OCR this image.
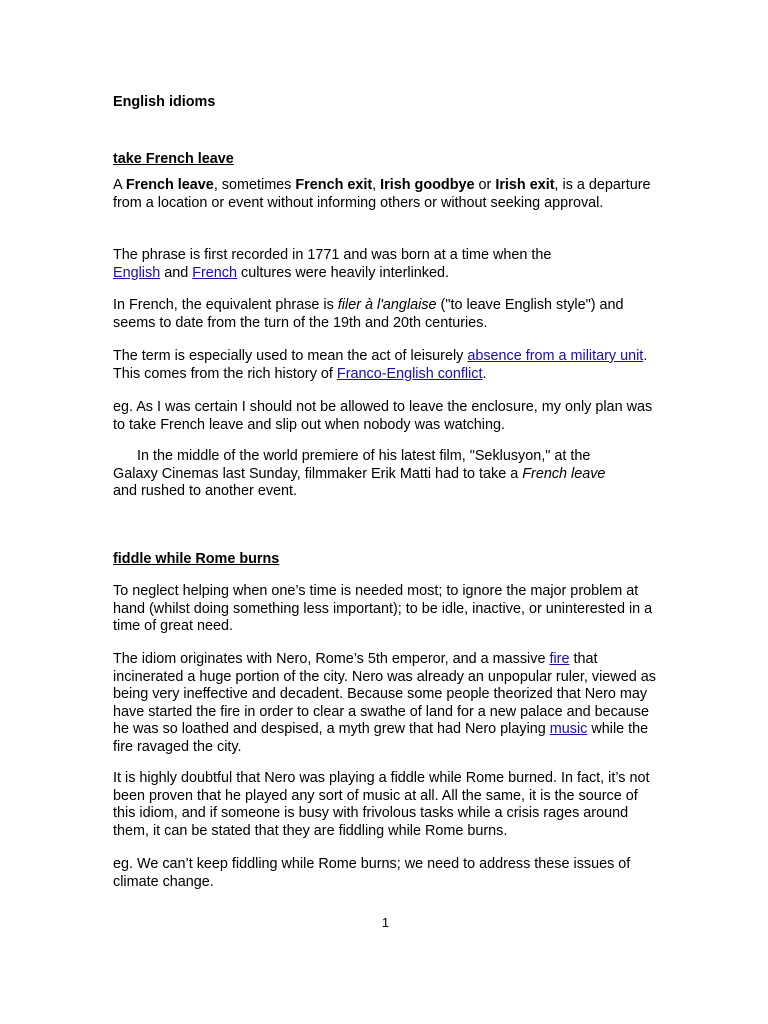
English idioms
take French leave

A French leave, sometimes French exit, Irish goodbye or Irish exit, is a departure from a location or event without informing others or without seeking approval.

The phrase is first recorded in 1771 and was born at a time when the English and French cultures were heavily interlinked.

In French, the equivalent phrase is filer à l'anglaise ("to leave English style") and seems to date from the turn of the 19th and 20th centuries.

The term is especially used to mean the act of leisurely absence from a military unit. This comes from the rich history of Franco-English conflict.

eg. As I was certain I should not be allowed to leave the enclosure, my only plan was to take French leave and slip out when nobody was watching.

In the middle of the world premiere of his latest film, "Seklusyon," at the Galaxy Cinemas last Sunday, filmmaker Erik Matti had to take a French leave and rushed to another event.

fiddle while Rome burns

To neglect helping when one’s time is needed most; to ignore the major problem at hand (whilst doing something less important); to be idle, inactive, or uninterested in a time of great need.

The idiom originates with Nero, Rome’s 5th emperor, and a massive fire that incinerated a huge portion of the city. Nero was already an unpopular ruler, viewed as being very ineffective and decadent. Because some people theorized that Nero may have started the fire in order to clear a swathe of land for a new palace and because he was so loathed and despised, a myth grew that had Nero playing music while the fire ravaged the city.

It is highly doubtful that Nero was playing a fiddle while Rome burned. In fact, it’s not been proven that he played any sort of music at all. All the same, it is the source of this idiom, and if someone is busy with frivolous tasks while a crisis rages around them, it can be stated that they are fiddling while Rome burns.

eg. We can’t keep fiddling while Rome burns; we need to address these issues of climate change.

1
